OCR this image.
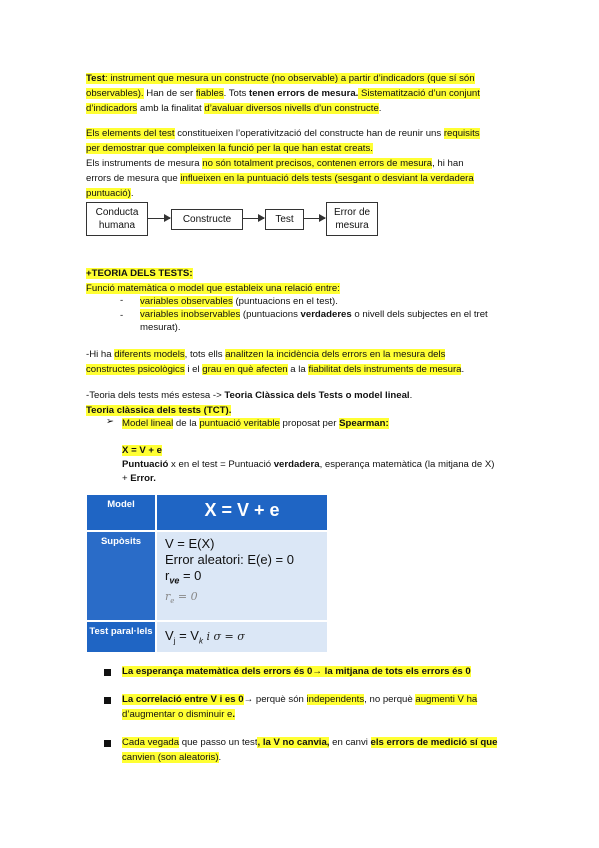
Test: instrument que mesura un constructe (no observable) a partir d’indicadors (que sí són
observables). Han de ser fiables. Tots tenen errors de mesura. Sistematització d’un conjunt
d’indicadors amb la finalitat d’avaluar diversos nivells d’un constructe.
Els elements del test constitueixen l’operativització del constructe han de reunir uns requisits
per demostrar que compleixen la funció per la que han estat creats.
Els instruments de mesura no són totalment precisos, contenen errors de mesura, hi han
errors de mesura que influeixen en la puntuació dels tests (sesgant o desviant la verdadera
puntuació).
Conducta humana
Constructe	Test
Error de mesura
+TEORIA DELS TESTS:
Funció matemàtica o model que estableix una relació entre:
- variables observables (puntuacions en el test).
- variables inobservables (puntuacions verdaderes o nivell dels subjectes en el tret
mesurat).
-Hi ha diferents models, tots ells analitzen la incidència dels errors en la mesura dels
constructes psicològics i el grau en què afecten a la fiabilitat dels instruments de mesura.
-Teoria dels tests més estesa -> Teoria Clàssica dels Tests o model lineal.
Teoria clàssica dels tests (TCT).
➢ Model lineal de la puntuació veritable proposat per Spearman:
X = V + e
Puntuació x en el test = Puntuació verdadera, esperança matemàtica (la mitjana de X)
+ Error.
Model	X = V + e
Supòsits	V = E(X)
Error aleatori: E(e) = 0
$r_{ve} = 0$
$r_e = 0$
Test paral·lels $V_j = V_k$ i σ = σ
La esperança matemàtica dels errors és 0→ la mitjana de tots els errors és 0
La correlació entre V i es 0→ perquè són independents, no perquè augmenti V ha
d’augmentar o disminuir e.
Cada vegada que passo un test, la V no canvia, en canvi els errors de medició sí que
canvien (son aleatoris).
